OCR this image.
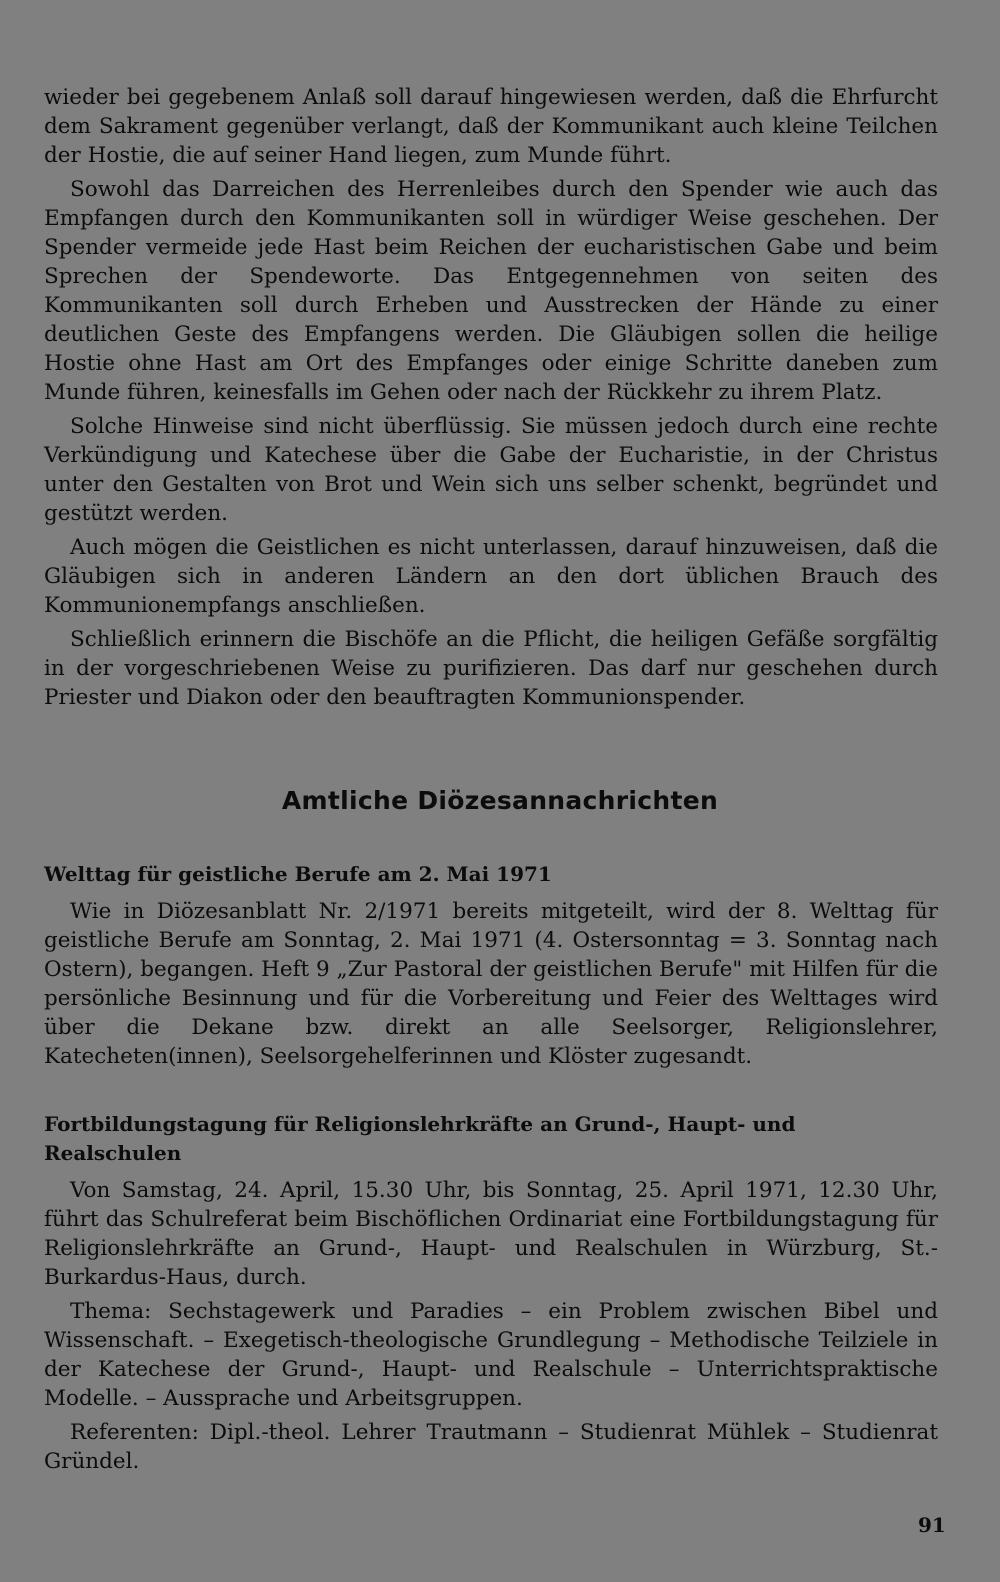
wieder bei gegebenem Anlaß soll darauf hingewiesen werden, daß die Ehrfurcht dem Sakrament gegenüber verlangt, daß der Kommunikant auch kleine Teilchen der Hostie, die auf seiner Hand liegen, zum Munde führt.

Sowohl das Darreichen des Herrenleibes durch den Spender wie auch das Empfangen durch den Kommunikanten soll in würdiger Weise geschehen. Der Spender vermeide jede Hast beim Reichen der eucharistischen Gabe und beim Sprechen der Spendeworte. Das Entgegennehmen von seiten des Kommunikanten soll durch Erheben und Ausstrecken der Hände zu einer deutlichen Geste des Empfangens werden. Die Gläubigen sollen die heilige Hostie ohne Hast am Ort des Empfanges oder einige Schritte daneben zum Munde führen, keinesfalls im Gehen oder nach der Rückkehr zu ihrem Platz.

Solche Hinweise sind nicht überflüssig. Sie müssen jedoch durch eine rechte Verkündigung und Katechese über die Gabe der Eucharistie, in der Christus unter den Gestalten von Brot und Wein sich uns selber schenkt, begründet und gestützt werden.

Auch mögen die Geistlichen es nicht unterlassen, darauf hinzuweisen, daß die Gläubigen sich in anderen Ländern an den dort üblichen Brauch des Kommunionempfangs anschließen.

Schließlich erinnern die Bischöfe an die Pflicht, die heiligen Gefäße sorgfältig in der vorgeschriebenen Weise zu purifizieren. Das darf nur geschehen durch Priester und Diakon oder den beauftragten Kommunionspender.

Amtliche Diözesannachrichten
Welttag für geistliche Berufe am 2. Mai 1971

Wie in Diözesanblatt Nr. 2/1971 bereits mitgeteilt, wird der 8. Welttag für geistliche Berufe am Sonntag, 2. Mai 1971 (4. Ostersonntag = 3. Sonntag nach Ostern), begangen. Heft 9 „Zur Pastoral der geistlichen Berufe" mit Hilfen für die persönliche Besinnung und für die Vorbereitung und Feier des Welttages wird über die Dekane bzw. direkt an alle Seelsorger, Religionslehrer, Katecheten(innen), Seelsorgehelferinnen und Klöster zugesandt.

Fortbildungstagung für Religionslehrkräfte an Grund-, Haupt- und Realschulen

Von Samstag, 24. April, 15.30 Uhr, bis Sonntag, 25. April 1971, 12.30 Uhr, führt das Schulreferat beim Bischöflichen Ordinariat eine Fortbildungstagung für Religionslehrkräfte an Grund-, Haupt- und Realschulen in Würzburg, St.-Burkardus-Haus, durch.

Thema: Sechstagewerk und Paradies – ein Problem zwischen Bibel und Wissenschaft. – Exegetisch-theologische Grundlegung – Methodische Teilziele in der Katechese der Grund-, Haupt- und Realschule – Unterrichtspraktische Modelle. – Aussprache und Arbeitsgruppen.

Referenten: Dipl.-theol. Lehrer Trautmann – Studienrat Mühlek – Studienrat Gründel.

91
